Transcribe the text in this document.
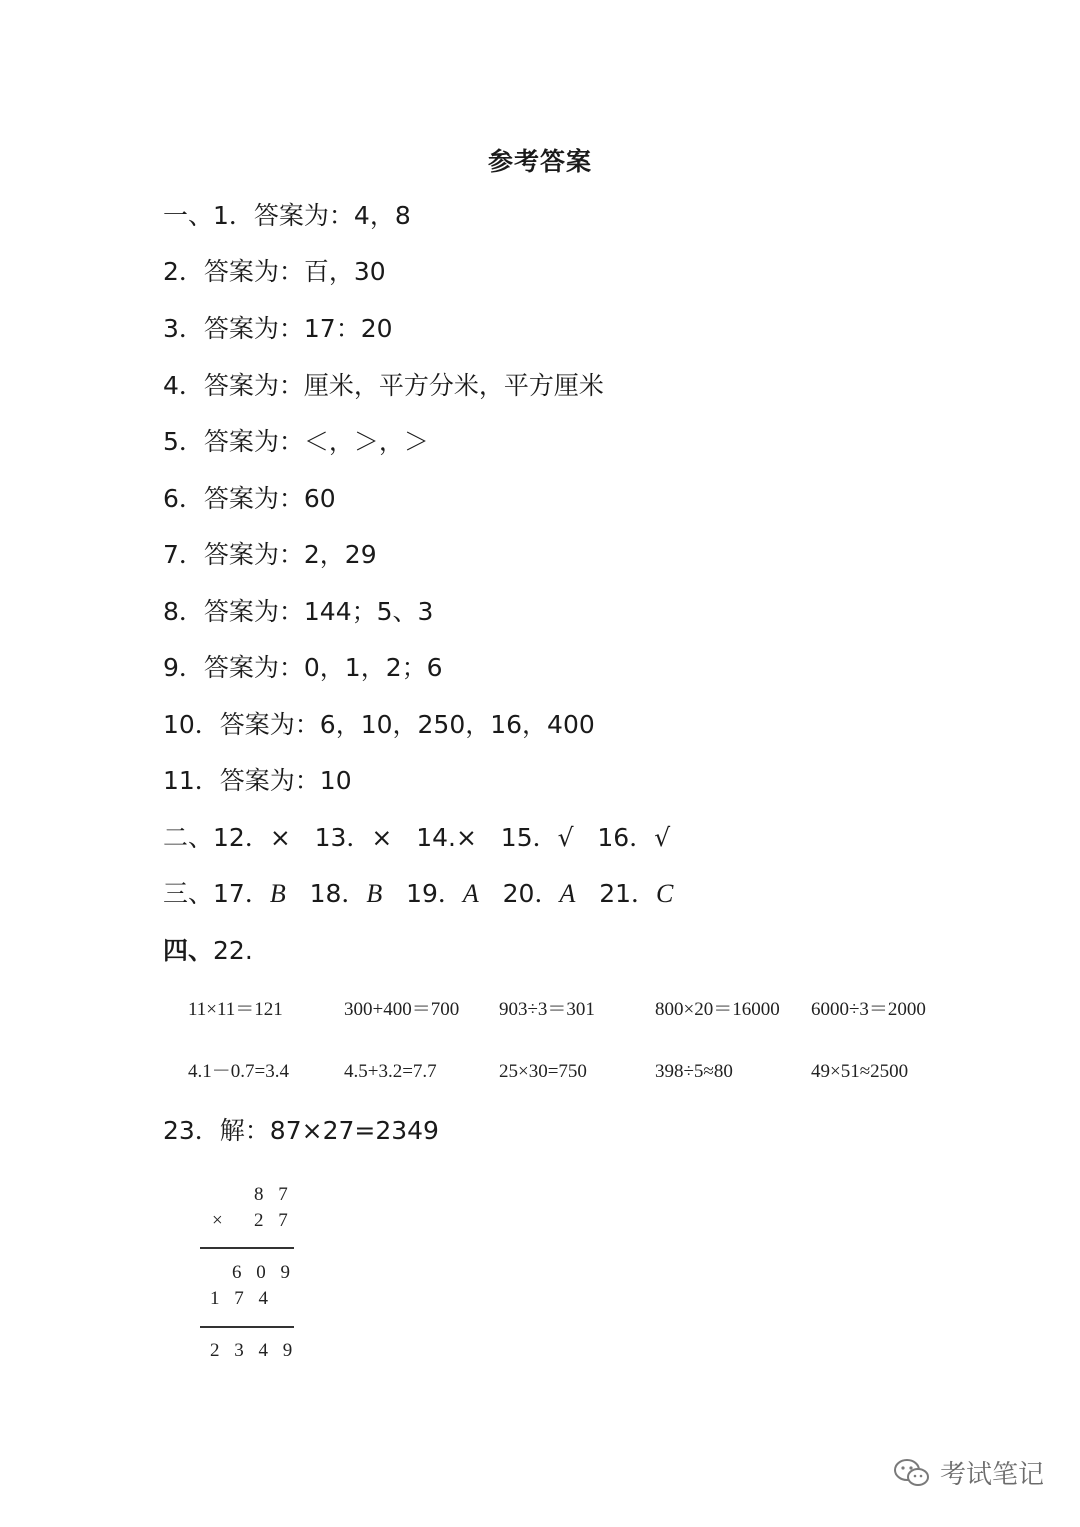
参考答案
一、1．答案为：4，8
2．答案为：百，30
3．答案为：17：20
4．答案为：厘米，平方分米，平方厘米
5．答案为：＜，＞，＞
6．答案为：60
7．答案为：2，29
8．答案为：144；5、3
9．答案为：0，1，2；6
10．答案为：6，10，250，16，400
11．答案为：10
二、12．× 13．× 14.× 15．√ 16．√
三、17．B 18．B 19．A 20．A 21．C
四、22.
11×11＝121	300+400＝700 903÷3＝301	800×20＝16000 6000÷3＝2000
4.1－0.7=3.4	4.5+3.2=7.7	25×30=750	398÷5≈80	49×51≈2500
23．解：87×27=2349
8 7
× 2 7
6 0 9
1 7 4
2 3 4 9
考试笔记
